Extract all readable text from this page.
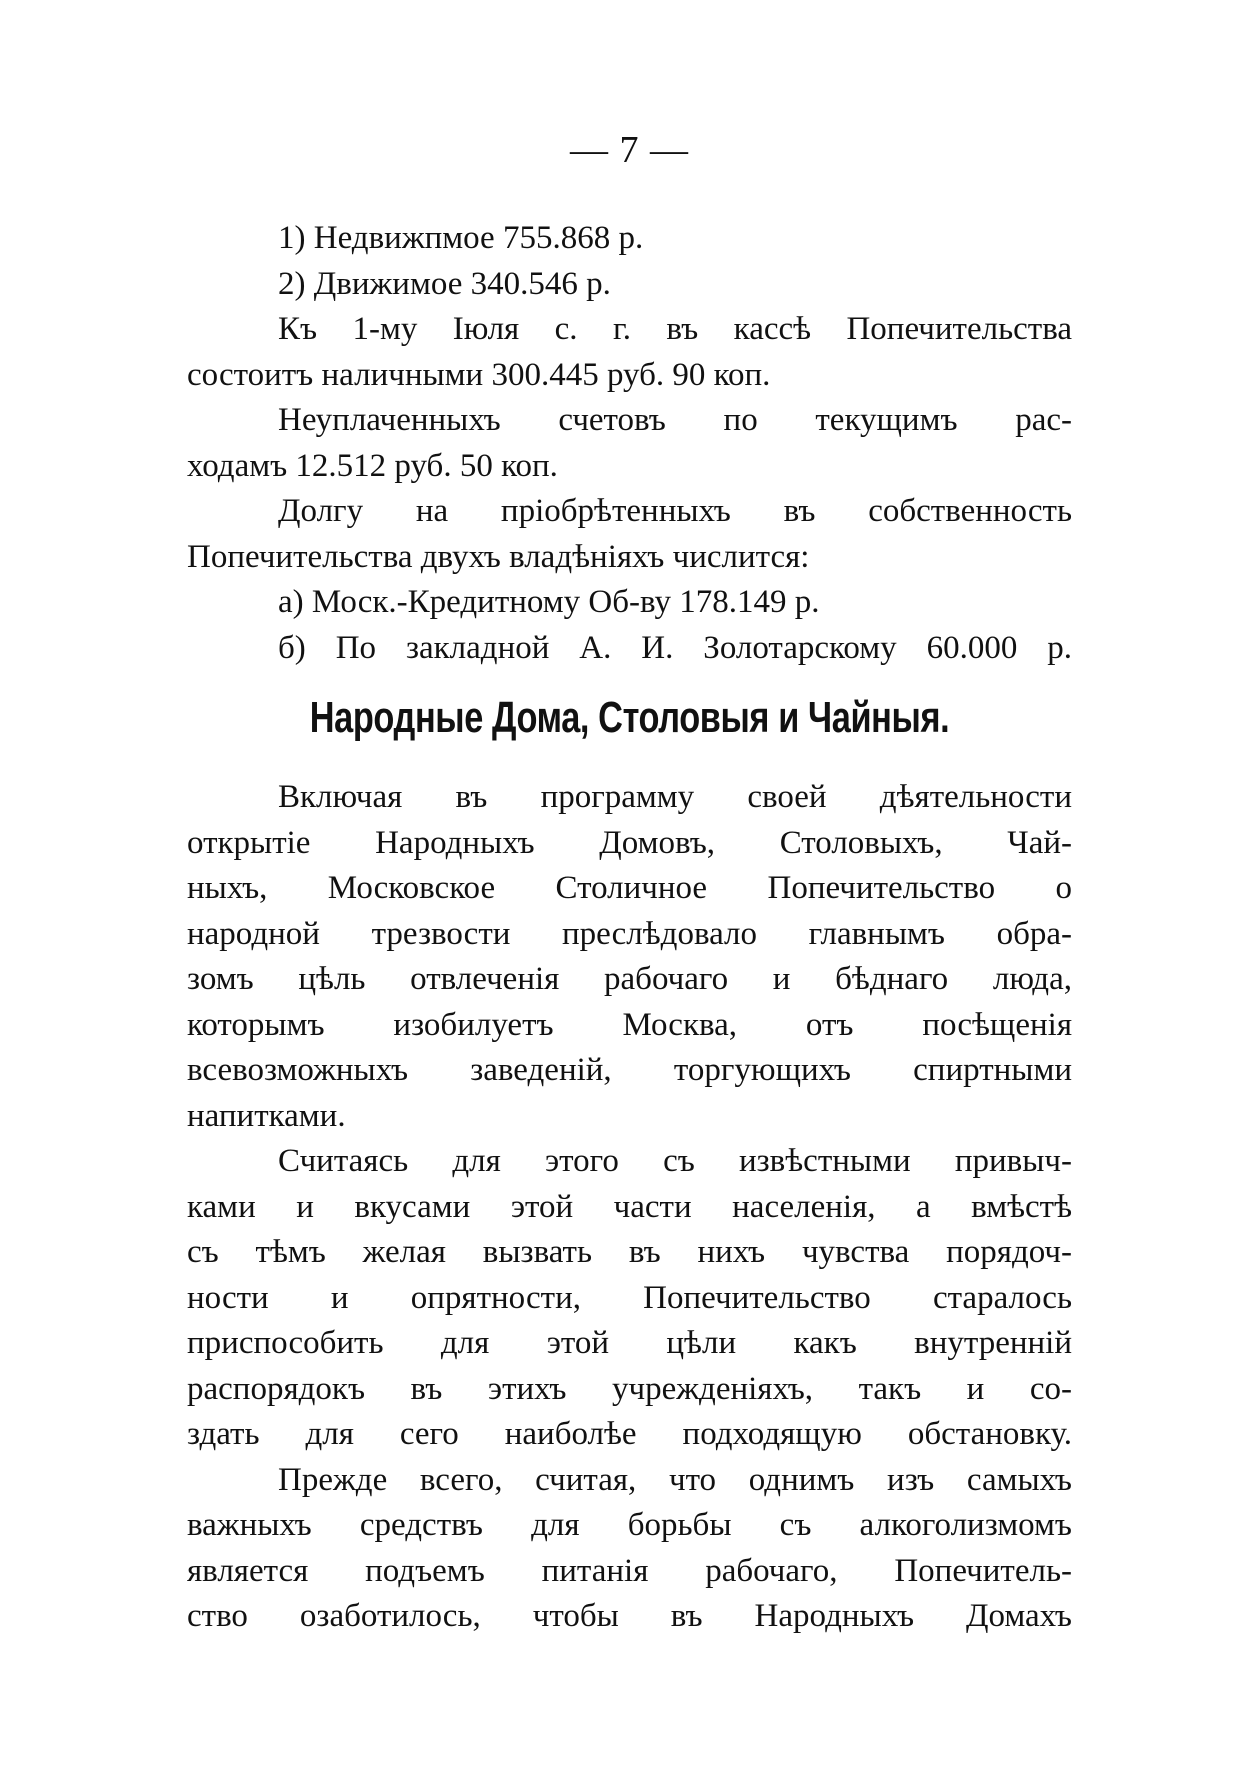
— 7 —
1) Недвижпмое 755.868 р.
2) Движимое 340.546 р.
Къ 1-му Іюля с. г. въ кассѣ Попечительства
состоитъ наличными 300.445 руб. 90 коп.
Неуплаченныхъ счетовъ по текущимъ рас-
ходамъ 12.512 руб. 50 коп.
Долгу на пріобрѣтенныхъ въ собственность
Попечительства двухъ владѣніяхъ числится:
а) Моск.-Кредитному Об-ву 178.149 р.
б) По закладной А. И. Золотарскому 60.000 р.
Народные Дома, Столовыя и Чайныя.
Включая въ программу своей дѣятельности
открытіе Народныхъ Домовъ, Столовыхъ, Чай-
ныхъ, Московское Столичное Попечительство о
народной трезвости преслѣдовало главнымъ обра-
зомъ цѣль отвлеченія рабочаго и бѣднаго люда,
которымъ изобилуетъ Москва, отъ посѣщенія
всевозможныхъ заведеній, торгующихъ спиртными
напитками.
Считаясь для этого съ извѣстными привыч-
ками и вкусами этой части населенія, а вмѣстѣ
съ тѣмъ желая вызвать въ нихъ чувства порядоч-
ности и опрятности, Попечительство старалось
приспособить для этой цѣли какъ внутренній
распорядокъ въ этихъ учрежденіяхъ, такъ и со-
здать для сего наиболѣе подходящую обстановку.
Прежде всего, считая, что однимъ изъ самыхъ
важныхъ средствъ для борьбы съ алкоголизмомъ
является подъемъ питанія рабочаго, Попечитель-
ство озаботилось, чтобы въ Народныхъ Домахъ
